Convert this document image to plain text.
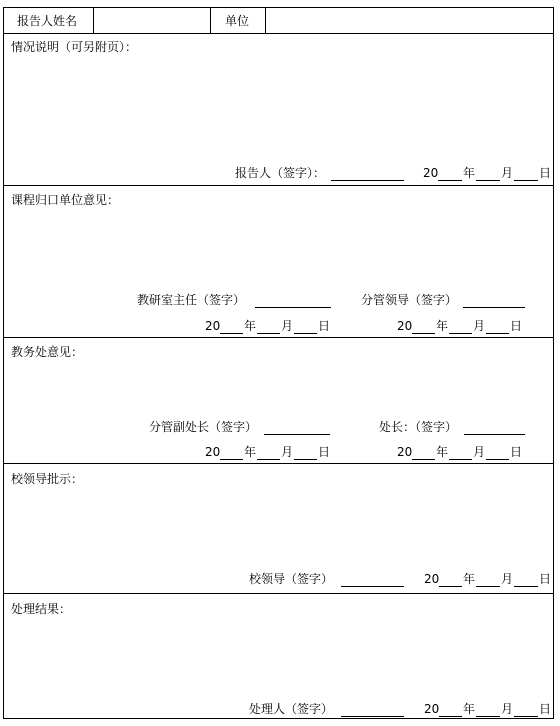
报告人姓名	单位
情况说明（可另附页）：
报告人（签字）：	20 年 月 日
课程归口单位意见：
教研室主任（签字）	分管领导（签字）
20 年 月 日	20 年 月 日
教务处意见：
分管副处长（签字）	处长：（签字）
20 年 月 日	20 年 月 日
校领导批示：
校领导（签字）	20 年 月 日
处理结果：
处理人（签字）	20 年 月 日
